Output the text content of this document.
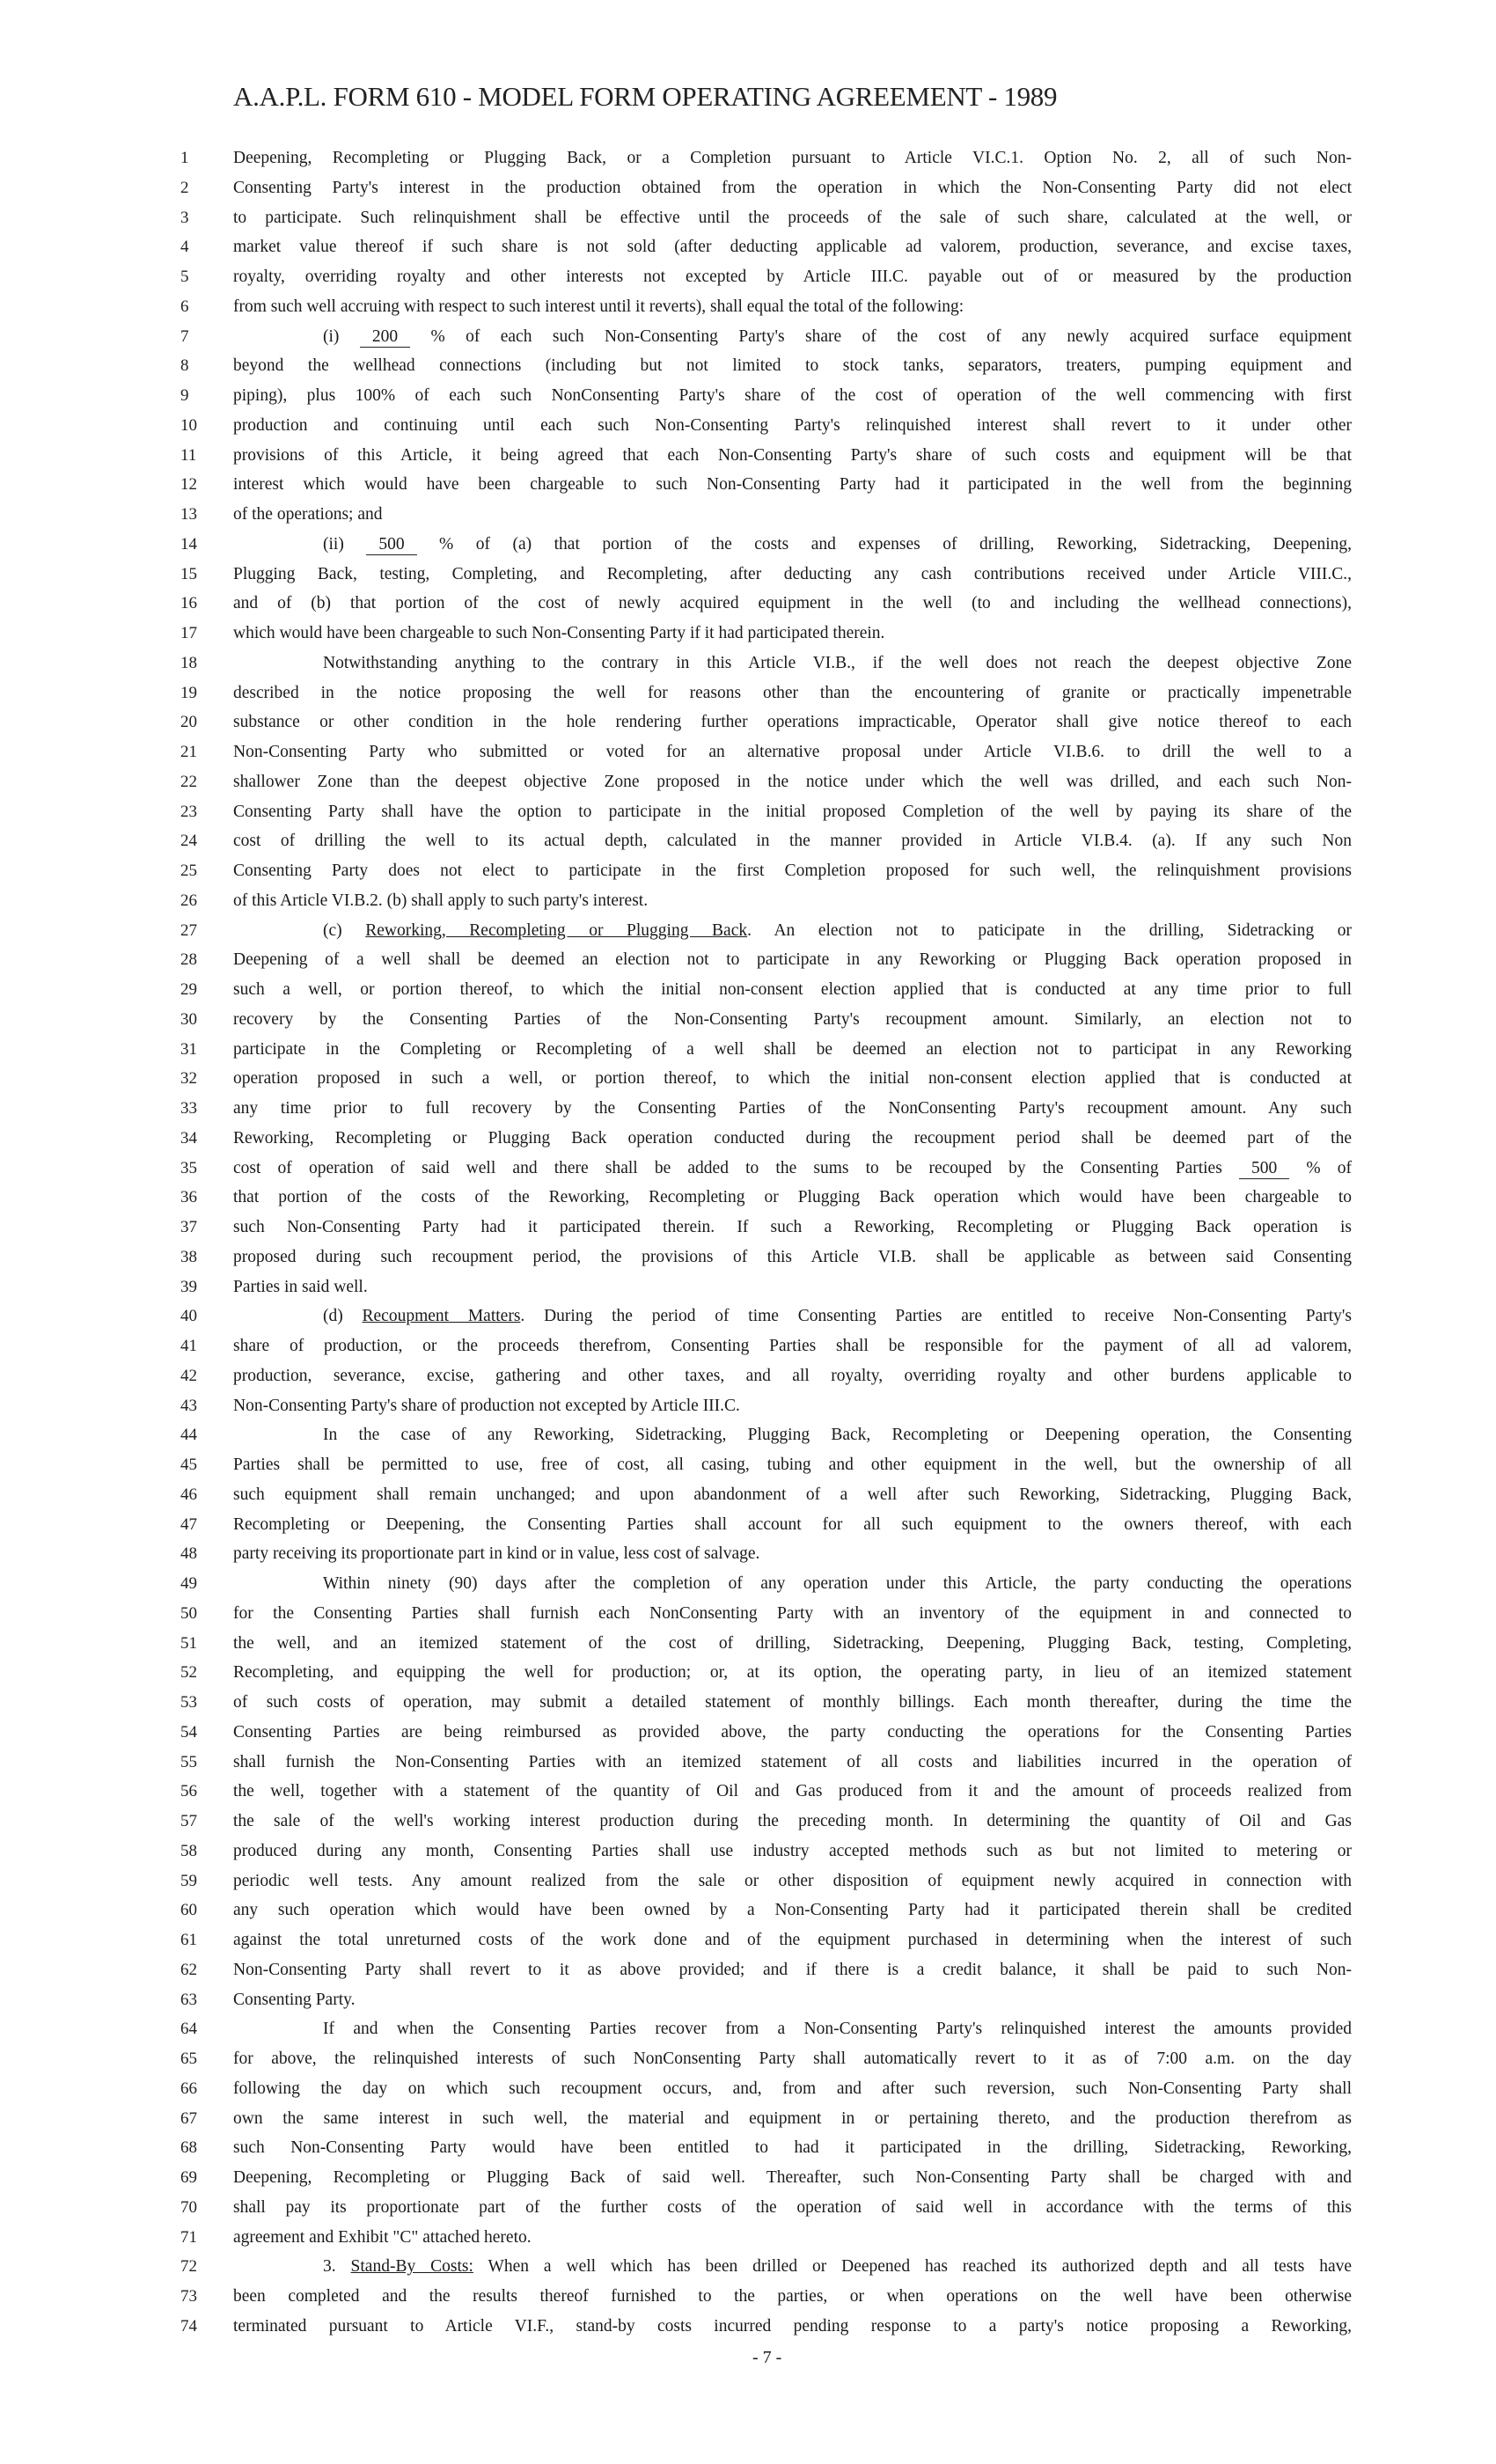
A.A.P.L. FORM 610 - MODEL FORM OPERATING AGREEMENT - 1989
1	Deepening, Recompleting or Plugging Back, or a Completion pursuant to Article VI.C.1. Option No. 2, all of such Non-
2	Consenting Party's interest in the production obtained from the operation in which the Non-Consenting Party did not elect
3	to participate. Such relinquishment shall be effective until the proceeds of the sale of such share, calculated at the well, or
4	market value thereof if such share is not sold (after deducting applicable ad valorem, production, severance, and excise taxes,
5	royalty, overriding royalty and other interests not excepted by Article III.C. payable out of or measured by the production
6	from such well accruing with respect to such interest until it reverts), shall equal the total of the following:
7	(i) 200 % of each such Non-Consenting Party's share of the cost of any newly acquired surface equipment
8	beyond the wellhead connections (including but not limited to stock tanks, separators, treaters, pumping equipment and
9	piping), plus 100% of each such NonConsenting Party's share of the cost of operation of the well commencing with first
10	production and continuing until each such Non-Consenting Party's relinquished interest shall revert to it under other
11	provisions of this Article, it being agreed that each Non-Consenting Party's share of such costs and equipment will be that
12	interest which would have been chargeable to such Non-Consenting Party had it participated in the well from the beginning
13	of the operations; and
14	(ii) 500 % of (a) that portion of the costs and expenses of drilling, Reworking, Sidetracking, Deepening,
15	Plugging Back, testing, Completing, and Recompleting, after deducting any cash contributions received under Article VIII.C.,
16	and of (b) that portion of the cost of newly acquired equipment in the well (to and including the wellhead connections),
17	which would have been chargeable to such Non-Consenting Party if it had participated therein.
18	Notwithstanding anything to the contrary in this Article VI.B., if the well does not reach the deepest objective Zone
19	described in the notice proposing the well for reasons other than the encountering of granite or practically impenetrable
20	substance or other condition in the hole rendering further operations impracticable, Operator shall give notice thereof to each
21	Non-Consenting Party who submitted or voted for an alternative proposal under Article VI.B.6. to drill the well to a
22	shallower Zone than the deepest objective Zone proposed in the notice under which the well was drilled, and each such Non-
23	Consenting Party shall have the option to participate in the initial proposed Completion of the well by paying its share of the
24	cost of drilling the well to its actual depth, calculated in the manner provided in Article VI.B.4. (a). If any such Non
25	Consenting Party does not elect to participate in the first Completion proposed for such well, the relinquishment provisions
26	of this Article VI.B.2. (b) shall apply to such party's interest.
27	(c) Reworking, Recompleting or Plugging Back. An election not to paticipate in the drilling, Sidetracking or
28	Deepening of a well shall be deemed an election not to participate in any Reworking or Plugging Back operation proposed in
29	such a well, or portion thereof, to which the initial non-consent election applied that is conducted at any time prior to full
30	recovery by the Consenting Parties of the Non-Consenting Party's recoupment amount. Similarly, an election not to
31	participate in the Completing or Recompleting of a well shall be deemed an election not to participat in any Reworking
32	operation proposed in such a well, or portion thereof, to which the initial non-consent election applied that is conducted at
33	any time prior to full recovery by the Consenting Parties of the NonConsenting Party's recoupment amount. Any such
34	Reworking, Recompleting or Plugging Back operation conducted during the recoupment period shall be deemed part of the
35	cost of operation of said well and there shall be added to the sums to be recouped by the Consenting Parties 500 % of
36	that portion of the costs of the Reworking, Recompleting or Plugging Back operation which would have been chargeable to
37	such Non-Consenting Party had it participated therein. If such a Reworking, Recompleting or Plugging Back operation is
38	proposed during such recoupment period, the provisions of this Article VI.B. shall be applicable as between said Consenting
39	Parties in said well.
40	(d) Recoupment Matters. During the period of time Consenting Parties are entitled to receive Non-Consenting Party's
41	share of production, or the proceeds therefrom, Consenting Parties shall be responsible for the payment of all ad valorem,
42	production, severance, excise, gathering and other taxes, and all royalty, overriding royalty and other burdens applicable to
43	Non-Consenting Party's share of production not excepted by Article III.C.
44	In the case of any Reworking, Sidetracking, Plugging Back, Recompleting or Deepening operation, the Consenting
45	Parties shall be permitted to use, free of cost, all casing, tubing and other equipment in the well, but the ownership of all
46	such equipment shall remain unchanged; and upon abandonment of a well after such Reworking, Sidetracking, Plugging Back,
47	Recompleting or Deepening, the Consenting Parties shall account for all such equipment to the owners thereof, with each
48	party receiving its proportionate part in kind or in value, less cost of salvage.
49	Within ninety (90) days after the completion of any operation under this Article, the party conducting the operations
50	for the Consenting Parties shall furnish each NonConsenting Party with an inventory of the equipment in and connected to
51	the well, and an itemized statement of the cost of drilling, Sidetracking, Deepening, Plugging Back, testing, Completing,
52	Recompleting, and equipping the well for production; or, at its option, the operating party, in lieu of an itemized statement
53	of such costs of operation, may submit a detailed statement of monthly billings. Each month thereafter, during the time the
54	Consenting Parties are being reimbursed as provided above, the party conducting the operations for the Consenting Parties
55	shall furnish the Non-Consenting Parties with an itemized statement of all costs and liabilities incurred in the operation of
56	the well, together with a statement of the quantity of Oil and Gas produced from it and the amount of proceeds realized from
57	the sale of the well's working interest production during the preceding month. In determining the quantity of Oil and Gas
58	produced during any month, Consenting Parties shall use industry accepted methods such as but not limited to metering or
59	periodic well tests. Any amount realized from the sale or other disposition of equipment newly acquired in connection with
60	any such operation which would have been owned by a Non-Consenting Party had it participated therein shall be credited
61	against the total unreturned costs of the work done and of the equipment purchased in determining when the interest of such
62	Non-Consenting Party shall revert to it as above provided; and if there is a credit balance, it shall be paid to such Non-
63	Consenting Party.
64	If and when the Consenting Parties recover from a Non-Consenting Party's relinquished interest the amounts provided
65	for above, the relinquished interests of such NonConsenting Party shall automatically revert to it as of 7:00 a.m. on the day
66	following the day on which such recoupment occurs, and, from and after such reversion, such Non-Consenting Party shall
67	own the same interest in such well, the material and equipment in or pertaining thereto, and the production therefrom as
68	such Non-Consenting Party would have been entitled to had it participated in the drilling, Sidetracking, Reworking,
69	Deepening, Recompleting or Plugging Back of said well. Thereafter, such Non-Consenting Party shall be charged with and
70	shall pay its proportionate part of the further costs of the operation of said well in accordance with the terms of this
71	agreement and Exhibit "C" attached hereto.
72	3. Stand-By Costs: When a well which has been drilled or Deepened has reached its authorized depth and all tests have
73	been completed and the results thereof furnished to the parties, or when operations on the well have been otherwise
74	terminated pursuant to Article VI.F., stand-by costs incurred pending response to a party's notice proposing a Reworking,
- 7 -
